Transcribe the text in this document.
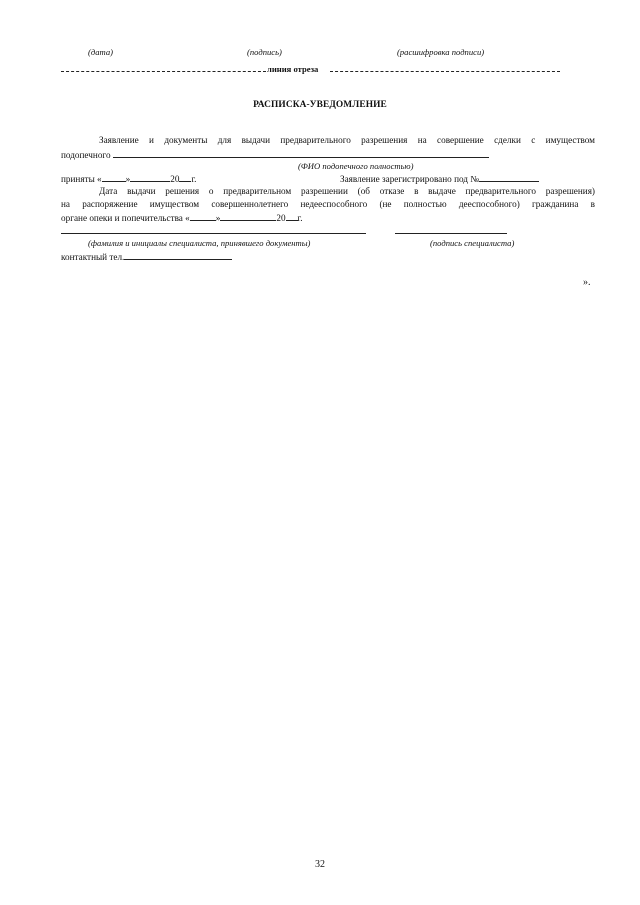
(дата)	(подпись)	(расшифровка подписи)
линия отреза
РАСПИСКА-УВЕДОМЛЕНИЕ
Заявление и документы для выдачи предварительного разрешения на совершение сделки с имуществом
подопечного
(ФИО подопечного полностью)
приняты «	»	20 г.	Заявление зарегистрировано под №
Дата выдачи решения о предварительном разрешении (об отказе в выдаче предварительного разрешения)
на распоряжение имуществом совершеннолетнего недееспособного (не полностью дееспособного) гражданина в
органе опеки и попечительства «	»	20 г.
(фамилия и инициалы специалиста, принявшего документы)	(подпись специалиста)
контактный тел.
».
32
